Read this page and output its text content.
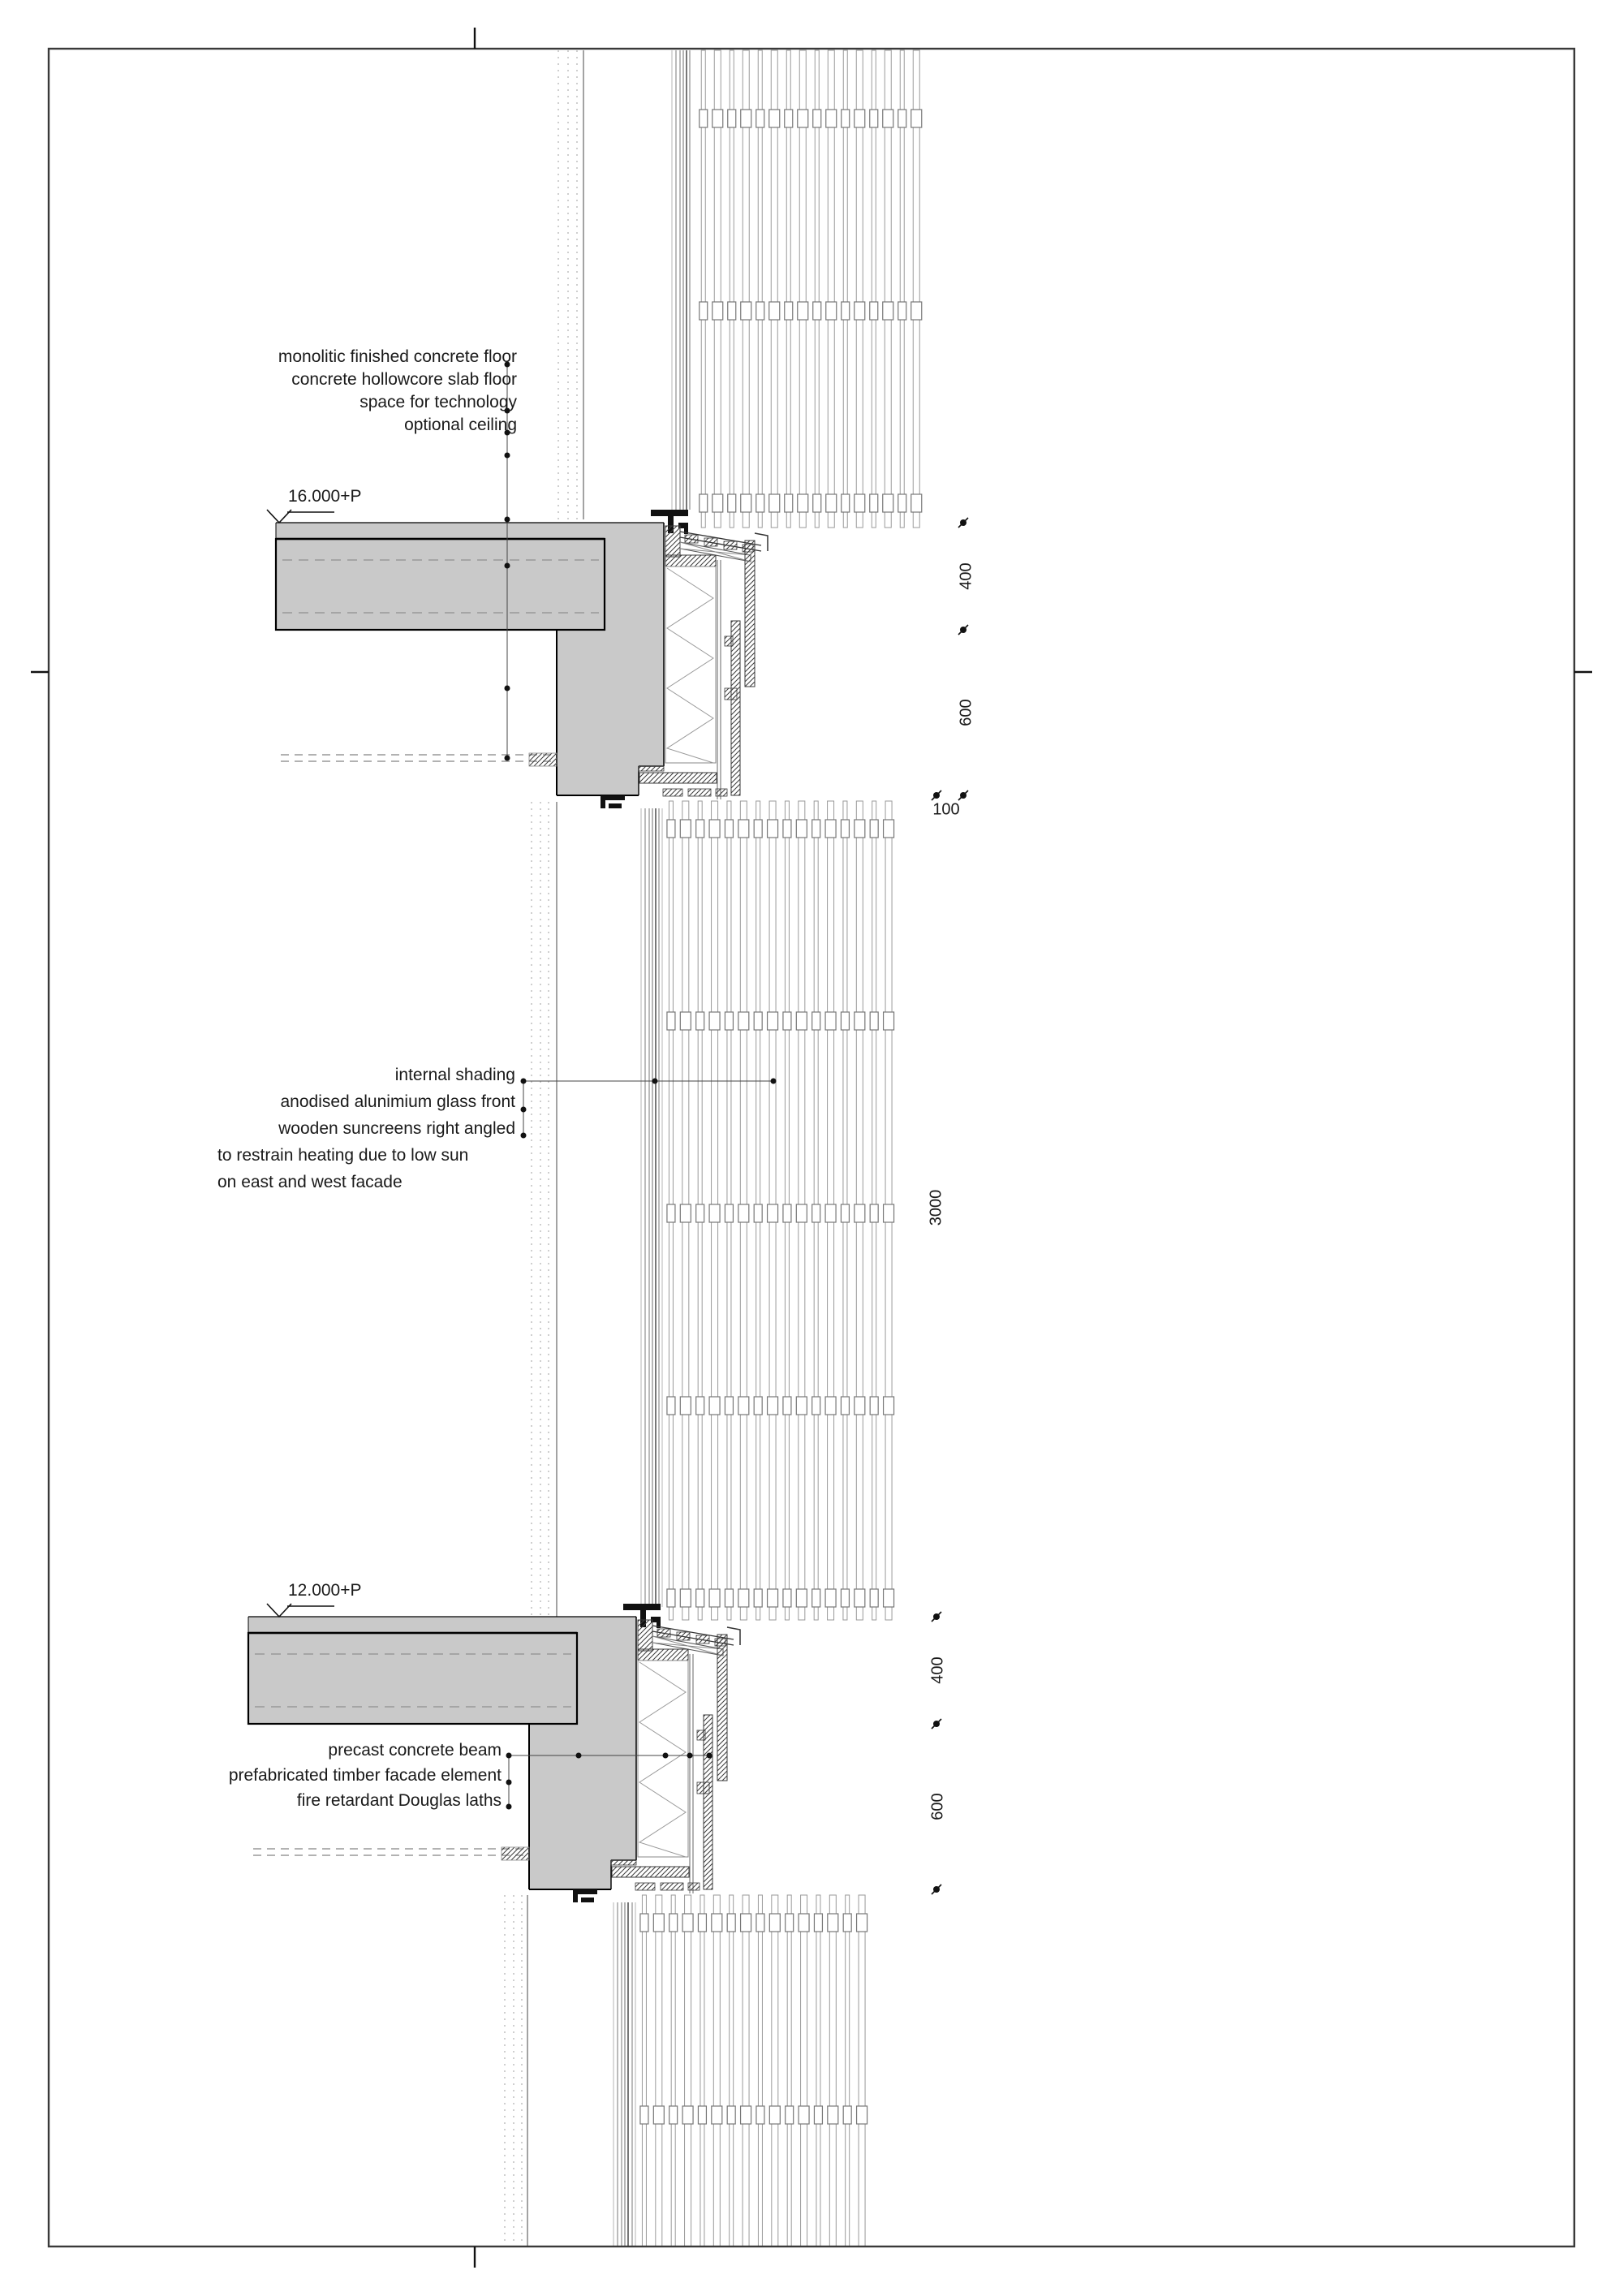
monolitic finished concrete floor
concrete hollowcore slab floor
space for technology
optional ceiling
internal shading
anodised alunimium glass front
wooden suncreens right angled
to restrain heating due to low sun
on east and west facade
precast concrete beam
prefabricated timber facade element
fire retardant Douglas laths
16.000+P
12.000+P
400
600
100
3000
400
600
